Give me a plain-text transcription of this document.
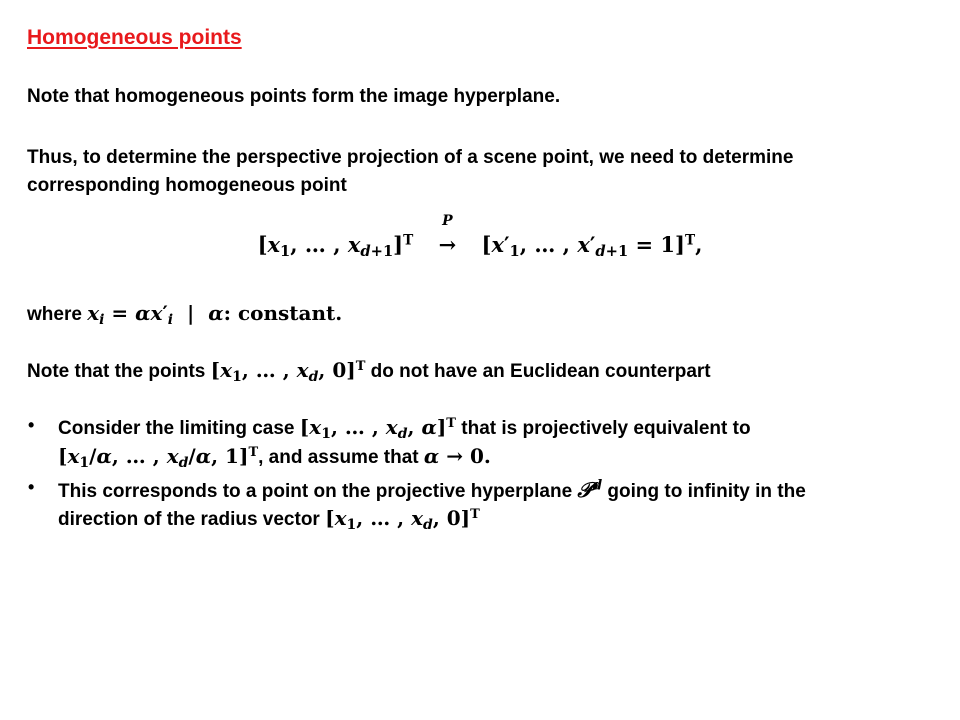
Homogeneous points
Note that homogeneous points form the image hyperplane.
Thus, to determine the perspective projection of a scene point, we need to determine
corresponding homogeneous point
[$x_1$, … , $x_{d+1}]^T$
P
→ [$x'_1$, … , $x'_{d+1} = 1]^T$,
where $x_i = \alpha x'_i$  |  α: constant.
Note that the points [$x_1$, … , $x_d$, 0]$^T$ do not have an Euclidean counterpart
• Consider the limiting case [$x_1$, … , $x_d$, α]$^T$ that is projectively equivalent to
[$x_1/\alpha$, … , $x_d/\alpha$, 1]$^T$, and assume that α → 0.
• This corresponds to a point on the projective hyperplane 𝒫$^d$ going to infinity in the
direction of the radius vector [$x_1$, … , $x_d$, 0]$^T$
